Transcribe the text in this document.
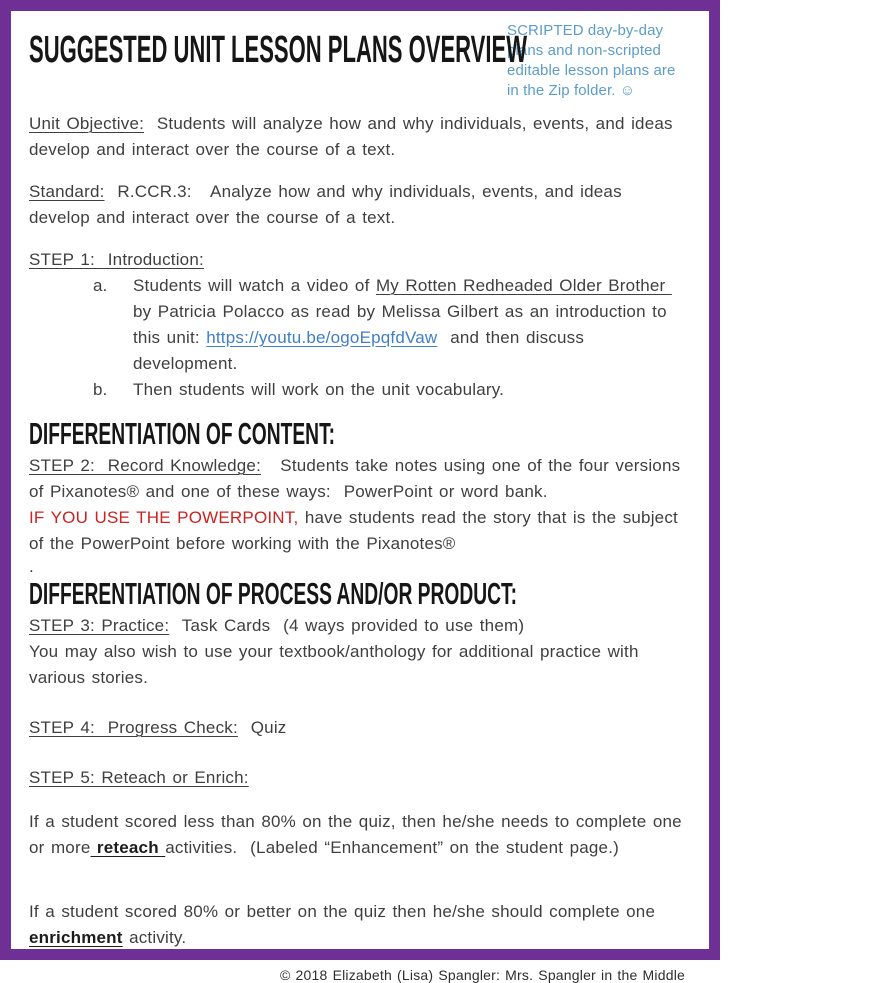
SUGGESTED UNIT LESSON PLANS OVERVIEW
SCRIPTED day-by-day plans and non-scripted editable lesson plans are in the Zip folder. ☺

Unit Objective:  Students will analyze how and why individuals, events, and ideas develop and interact over the course of a text.

Standard:  R.CCR.3:   Analyze how and why individuals, events, and ideas develop and interact over the course of a text.

STEP 1:  Introduction:

a.	Students will watch a video of My Rotten Redheaded Older Brother by Patricia Polacco as read by Melissa Gilbert as an introduction to this unit: https://youtu.be/ogoEpqfdVaw  and then discuss development.
b.	Then students will work on the unit vocabulary.
DIFFERENTIATION OF CONTENT:

STEP 2:  Record Knowledge:   Students take notes using one of the four versions of Pixanotes® and one of these ways:  PowerPoint or word bank.
IF YOU USE THE POWERPOINT, have students read the story that is the subject of the PowerPoint before working with the Pixanotes®

.

DIFFERENTIATION OF PROCESS AND/OR PRODUCT:

STEP 3: Practice:  Task Cards  (4 ways provided to use them)

You may also wish to use your textbook/anthology for additional practice with various stories.

STEP 4:  Progress Check:  Quiz

STEP 5: Reteach or Enrich:

If a student scored less than 80% on the quiz, then he/she needs to complete one or more reteach activities.  (Labeled “Enhancement” on the student page.)

If a student scored 80% or better on the quiz then he/she should complete one enrichment activity.

© 2018 Elizabeth (Lisa) Spangler: Mrs. Spangler in the Middle
